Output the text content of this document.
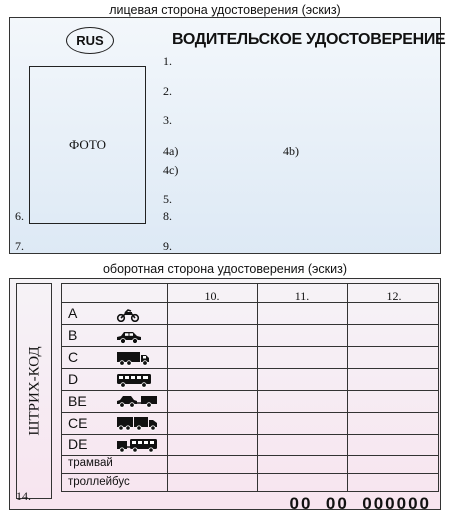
лицевая сторона удостоверения (эскиз)
RUS	ВОДИТЕЛЬСКОЕ УДОСТОВЕРЕНИЕ
ФОТО
1.
2.
3.
4a)	4b)
4c)
5.
6.
7.
8.
9.
оборотная сторона удостоверения (эскиз)
ШТРИХ-КОД
10.	11.	12.
A
B
C
D
BE
CE
DE
трамвай
троллейбус
14.	00  00  000000
